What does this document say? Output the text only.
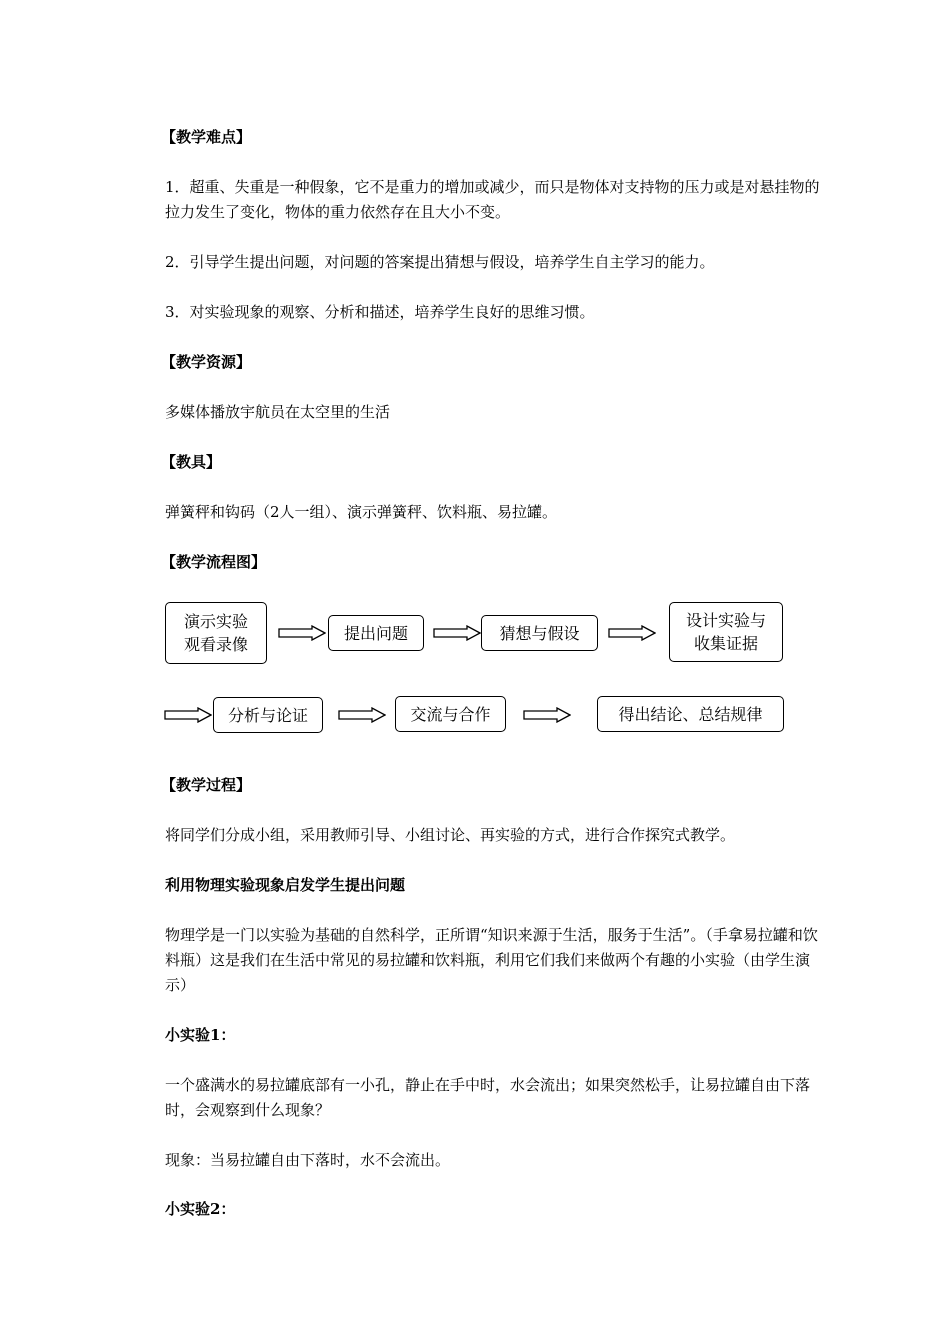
【教学难点】

1．超重、失重是一种假象，它不是重力的增加或减少，而只是物体对支持物的压力或是对悬挂物的拉力发生了变化，物体的重力依然存在且大小不变。

2．引导学生提出问题，对问题的答案提出猜想与假设，培养学生自主学习的能力。

3．对实验现象的观察、分析和描述，培养学生良好的思维习惯。

【教学资源】

多媒体播放宇航员在太空里的生活

【教具】

弹簧秤和钩码（2人一组）、演示弹簧秤、饮料瓶、易拉罐。

【教学流程图】

演示实验
观看录像
提出问题	猜想与假设
设计实验与
收集证据
分析与论证	交流与合作	得出结论、总结规律

【教学过程】

将同学们分成小组，采用教师引导、小组讨论、再实验的方式，进行合作探究式教学。

利用物理实验现象启发学生提出问题

物理学是一门以实验为基础的自然科学，正所谓“知识来源于生活，服务于生活”。（手拿易拉罐和饮料瓶）这是我们在生活中常见的易拉罐和饮料瓶，利用它们我们来做两个有趣的小实验（由学生演示）

小实验1：

一个盛满水的易拉罐底部有一小孔，静止在手中时，水会流出；如果突然松手，让易拉罐自由下落时，会观察到什么现象？

现象：当易拉罐自由下落时，水不会流出。

小实验2：
